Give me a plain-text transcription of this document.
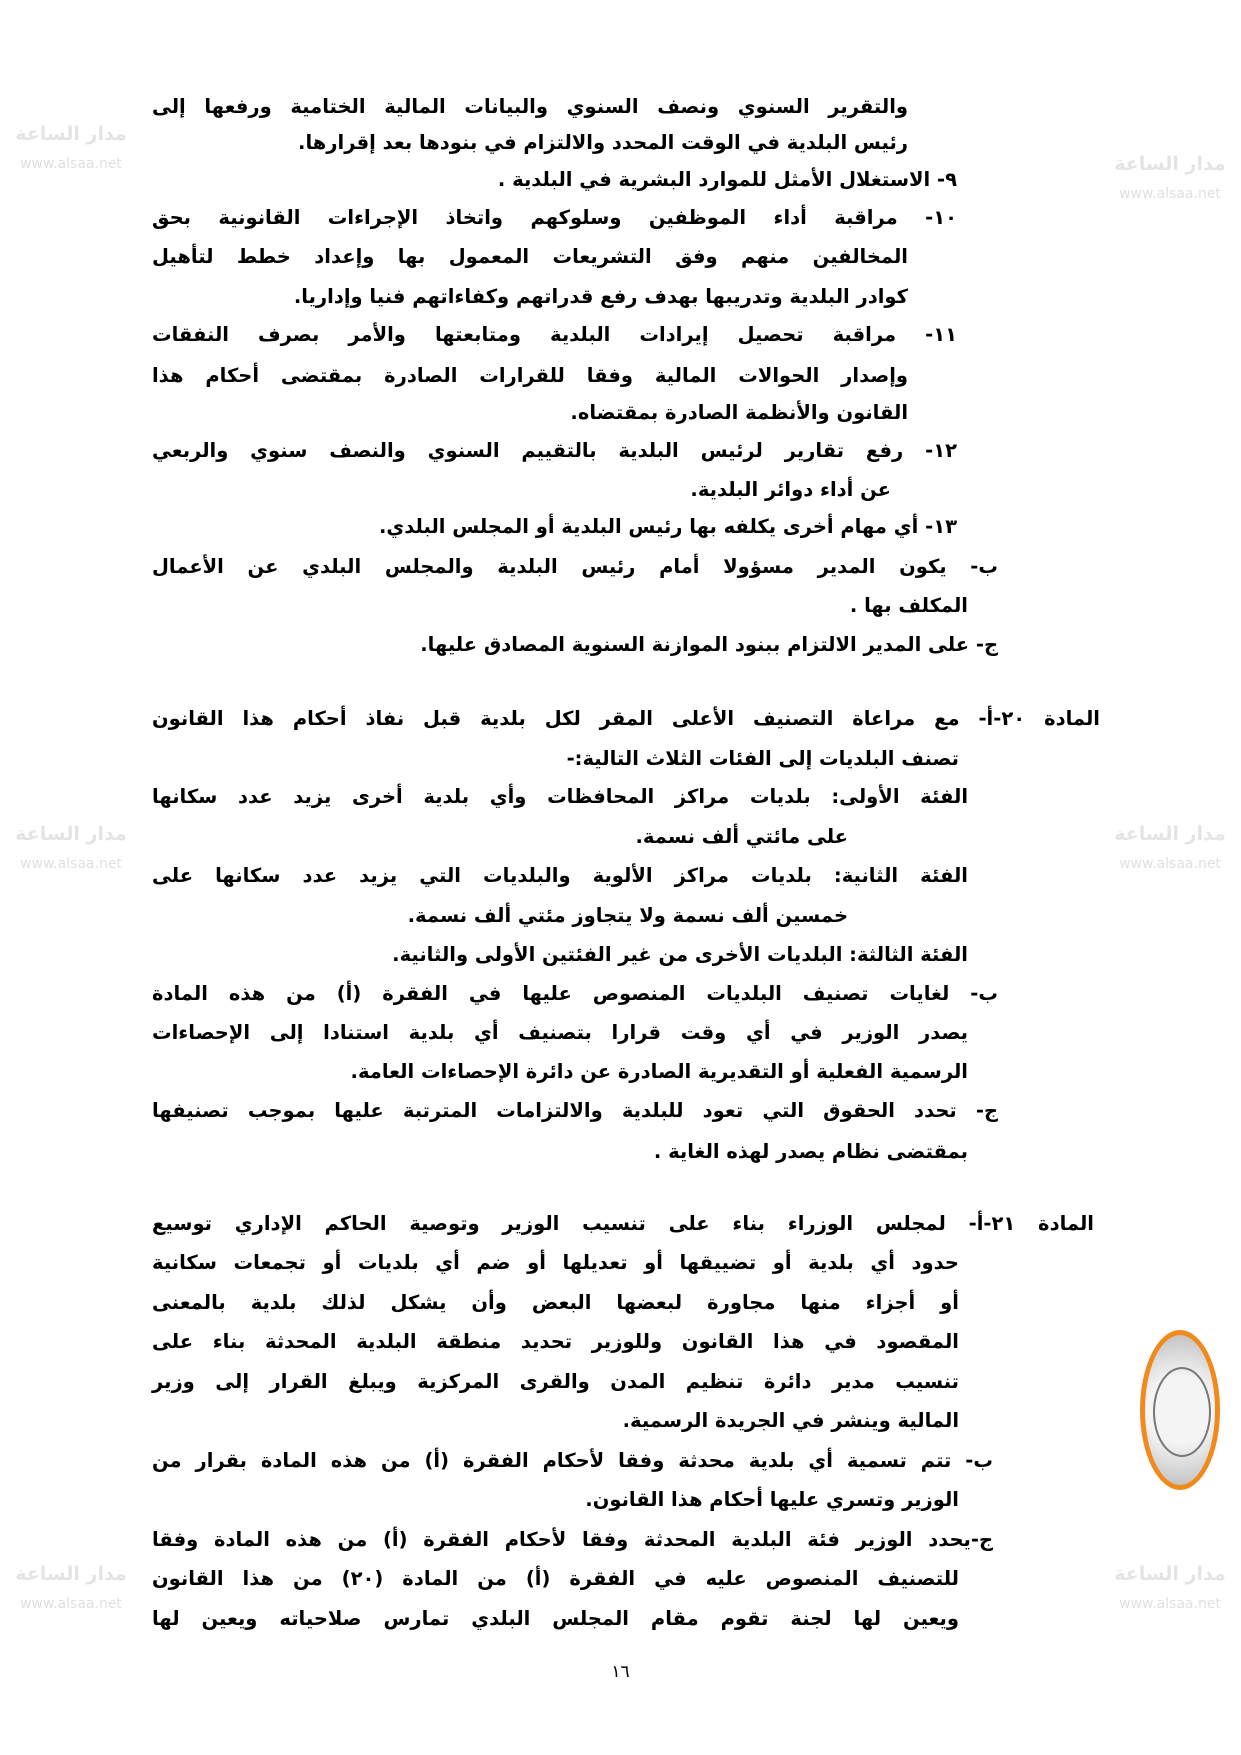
مدار الساعة
www.alsaa.net	مدار الساعة
www.alsaa.net
مدار الساعة
www.alsaa.net
مدار الساعة
www.alsaa.net
مدار الساعة
www.alsaa.net
مدار الساعة
www.alsaa.net
والتقرير السنوي ونصف السنوي والبيانات المالية الختامية ورفعها إلى
رئيس البلدية في الوقت المحدد والالتزام في بنودها بعد إقرارها.
٩- الاستغلال الأمثل للموارد البشرية في البلدية .
١٠- مراقبة أداء الموظفين وسلوكهم واتخاذ الإجراءات القانونية بحق
المخالفين منهم وفق التشريعات المعمول بها وإعداد خطط لتأهيل
كوادر البلدية وتدريبها بهدف رفع قدراتهم وكفاءاتهم فنيا وإداريا.
١١- مراقبة تحصيل إيرادات البلدية ومتابعتها والأمر بصرف النفقات
وإصدار الحوالات المالية وفقا للقرارات الصادرة بمقتضى أحكام هذا
القانون والأنظمة الصادرة بمقتضاه.
١٢- رفع تقارير لرئيس البلدية بالتقييم السنوي والنصف سنوي والربعي
عن أداء دوائر البلدية.
١٣- أي مهام أخرى يكلفه بها رئيس البلدية أو المجلس البلدي.
ب- يكون المدير مسؤولا أمام رئيس البلدية والمجلس البلدي عن الأعمال
المكلف بها .
ج- على المدير الالتزام ببنود الموازنة السنوية المصادق عليها.
المادة ٢٠-أ- مع مراعاة التصنيف الأعلى المقر لكل بلدية قبل نفاذ أحكام هذا القانون
تصنف البلديات إلى الفئات الثلاث التالية:-
الفئة الأولى: بلديات مراكز المحافظات وأي بلدية أخرى يزيد عدد سكانها
على مائتي ألف نسمة.
الفئة الثانية: بلديات مراكز الألوية والبلديات التي يزيد عدد سكانها على
خمسين ألف نسمة ولا يتجاوز مئتي ألف نسمة.
الفئة الثالثة: البلديات الأخرى من غير الفئتين الأولى والثانية.
ب- لغايات تصنيف البلديات المنصوص عليها في الفقرة (أ) من هذه المادة
يصدر الوزير في أي وقت قرارا بتصنيف أي بلدية استنادا إلى الإحصاءات
الرسمية الفعلية أو التقديرية الصادرة عن دائرة الإحصاءات العامة.
ج- تحدد الحقوق التي تعود للبلدية والالتزامات المترتبة عليها بموجب تصنيفها
بمقتضى نظام يصدر لهذه الغاية .
المادة ٢١-أ- لمجلس الوزراء بناء على تنسيب الوزير وتوصية الحاكم الإداري توسيع
حدود أي بلدية أو تضييقها أو تعديلها أو ضم أي بلديات أو تجمعات سكانية
أو أجزاء منها مجاورة لبعضها البعض وأن يشكل لذلك بلدية بالمعنى
المقصود في هذا القانون وللوزير تحديد منطقة البلدية المحدثة بناء على
تنسيب مدير دائرة تنظيم المدن والقرى المركزية ويبلغ القرار إلى وزير
المالية وينشر في الجريدة الرسمية.
ب- تتم تسمية أي بلدية محدثة وفقا لأحكام الفقرة (أ) من هذه المادة بقرار من
الوزير وتسري عليها أحكام هذا القانون.
ج-يحدد الوزير فئة البلدية المحدثة وفقا لأحكام الفقرة (أ) من هذه المادة وفقا
للتصنيف المنصوص عليه في الفقرة (أ) من المادة (٢٠) من هذا القانون
ويعين لها لجنة تقوم مقام المجلس البلدي تمارس صلاحياته ويعين لها
١٦
